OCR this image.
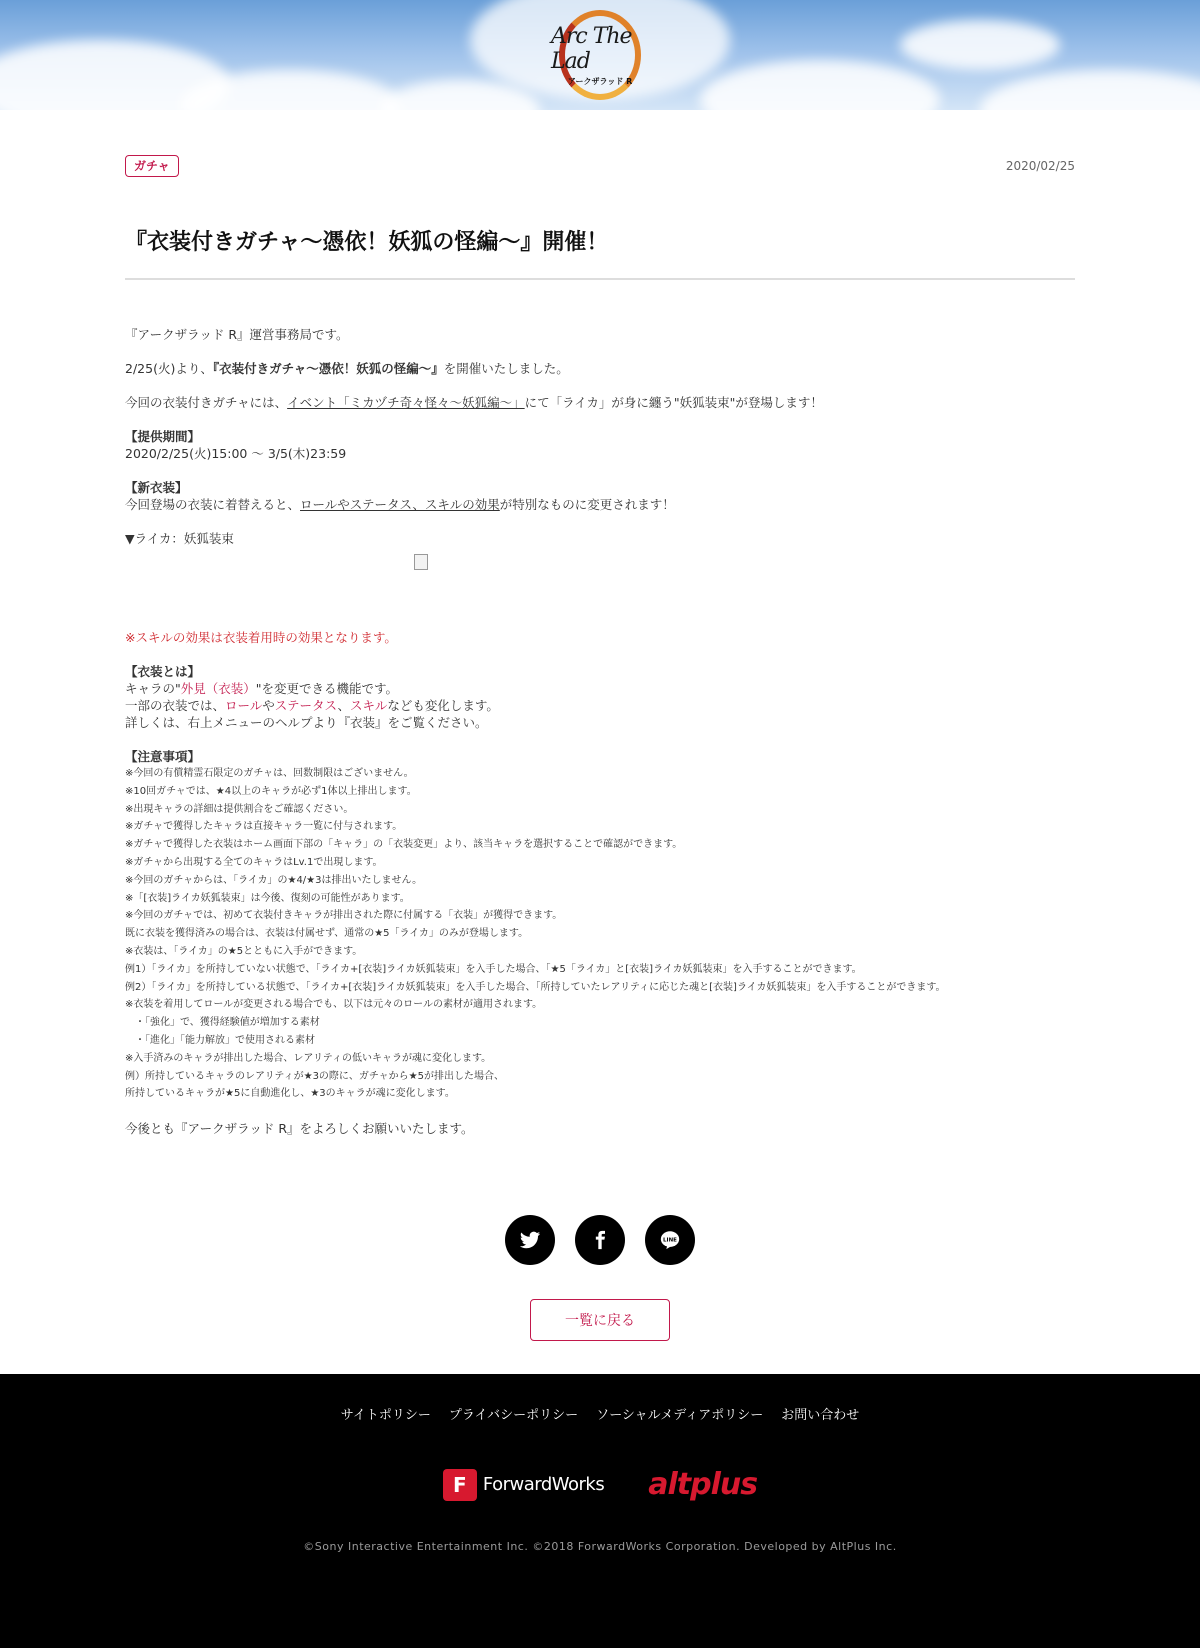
Arc The Lad
アークザラッド R
ガチャ	2020/02/25
『衣装付きガチャ〜憑依！妖狐の怪編〜』開催！

『アークザラッド R』運営事務局です。

2/25(火)より、『衣装付きガチャ〜憑依！妖狐の怪編〜』を開催いたしました。

今回の衣装付きガチャには、イベント「ミカヅチ奇々怪々〜妖狐編〜」にて「ライカ」が身に纏う"妖狐装束"が登場します！

【提供期間】
2020/2/25(火)15:00 〜 3/5(木)23:59
【新衣装】
今回登場の衣装に着替えると、ロールやステータス、スキルの効果が特別なものに変更されます！
▼ライカ：妖狐装束

※スキルの効果は衣装着用時の効果となります。

【衣装とは】
キャラの"外見（衣装）"を変更できる機能です。
一部の衣装では、ロールやステータス、スキルなども変化します。
詳しくは、右上メニューのヘルプより『衣装』をご覧ください。
【注意事項】
※今回の有償精霊石限定のガチャは、回数制限はございません。
※10回ガチャでは、★4以上のキャラが必ず1体以上排出します。
※出現キャラの詳細は提供割合をご確認ください。
※ガチャで獲得したキャラは直接キャラ一覧に付与されます。
※ガチャで獲得した衣装はホーム画面下部の「キャラ」の「衣装変更」より、該当キャラを選択することで確認ができます。
※ガチャから出現する全てのキャラはLv.1で出現します。
※今回のガチャからは、「ライカ」の★4/★3は排出いたしません。
※「[衣装]ライカ妖狐装束」は今後、復刻の可能性があります。
※今回のガチャでは、初めて衣装付きキャラが排出された際に付属する「衣装」が獲得できます。
既に衣装を獲得済みの場合は、衣装は付属せず、通常の★5「ライカ」のみが登場します。
※衣装は、「ライカ」の★5とともに入手ができます。
例1）「ライカ」を所持していない状態で、「ライカ+[衣装]ライカ妖狐装束」を入手した場合、「★5「ライカ」と[衣装]ライカ妖狐装束」を入手することができます。
例2）「ライカ」を所持している状態で、「ライカ+[衣装]ライカ妖狐装束」を入手した場合、「所持していたレアリティに応じた魂と[衣装]ライカ妖狐装束」を入手することができます。
※衣装を着用してロールが変更される場合でも、以下は元々のロールの素材が適用されます。
　・「強化」で、獲得経験値が増加する素材
　・「進化」「能力解放」で使用される素材
※入手済みのキャラが排出した場合、レアリティの低いキャラが魂に変化します。
例）所持しているキャラのレアリティが★3の際に、ガチャから★5が排出した場合、
所持しているキャラが★5に自動進化し、★3のキャラが魂に変化します。

今後とも『アークザラッド R』をよろしくお願いいたします。

LINE
一覧に戻る
サイトポリシー プライバシーポリシー ソーシャルメディアポリシー お問い合わせ
F ForwardWorks altplus
©Sony Interactive Entertainment Inc. ©2018 ForwardWorks Corporation. Developed by AltPlus Inc.
